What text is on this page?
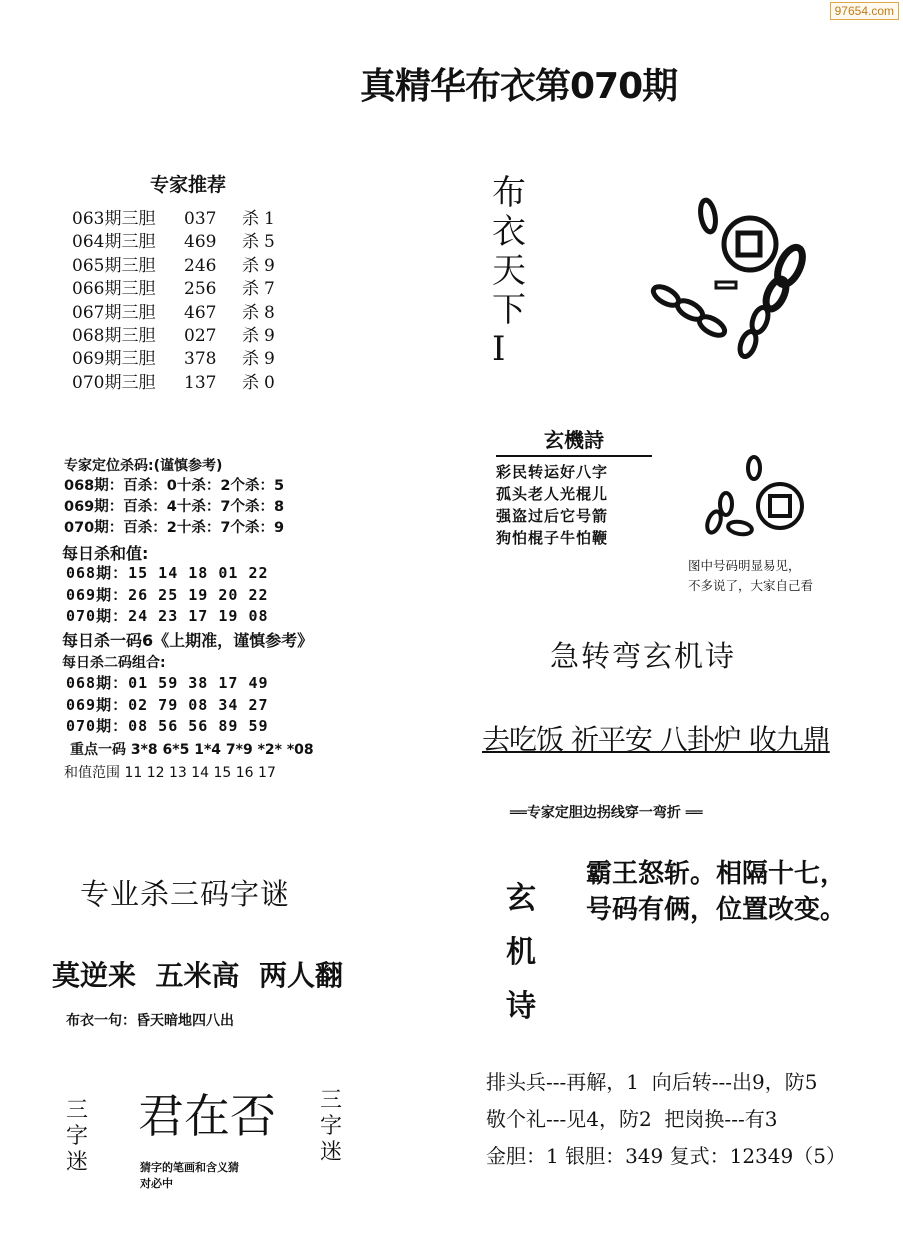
97654.com
真精华布衣第070期
专家推荐
063期三胆 037 杀 1
064期三胆 469 杀 5
065期三胆 246 杀 9
066期三胆 256 杀 7
067期三胆 467 杀 8
068期三胆 027 杀 9
069期三胆 378 杀 9
070期三胆 137 杀 0
布
衣
天
下
I
专家定位杀码:(谨慎参考)
068期：百杀：0十杀：2个杀：5
069期：百杀：4十杀：7个杀：8
070期：百杀：2十杀：7个杀：9
每日杀和值:
068期：15 14 18 01 22
069期：26 25 19 20 22
070期：24 23 17 19 08
每日杀一码6《上期准，谨慎参考》
每日杀二码组合:
068期：01 59 38 17 49
069期：02 79 08 34 27
070期：08 56 56 89 59
重点一码 3*8 6*5 1*4 7*9 *2* *08
和值范围 11 12 13 14 15 16 17
玄機詩
彩民转运好八字
孤头老人光棍儿
强盗过后它号箭
狗怕棍子牛怕鞭
图中号码明显易见，
不多说了，大家自己看
急转弯玄机诗
去吃饭 祈平安 八卦炉 收九鼎
══专家定胆边拐线穿一弯折 ══
专业杀三码字谜
莫逆来  五米高  两人翻
布衣一句：昏天暗地四八出
玄
机
诗
霸王怒斩。相隔十七，
号码有俩，位置改变。
三
字
迷
三
字
迷
君在否
猜字的笔画和含义猜
对必中
排头兵---再解，1  向后转---出9，防5
敬个礼---见4，防2  把岗换---有3
金胆：1 银胆：349 复式：12349（5）
